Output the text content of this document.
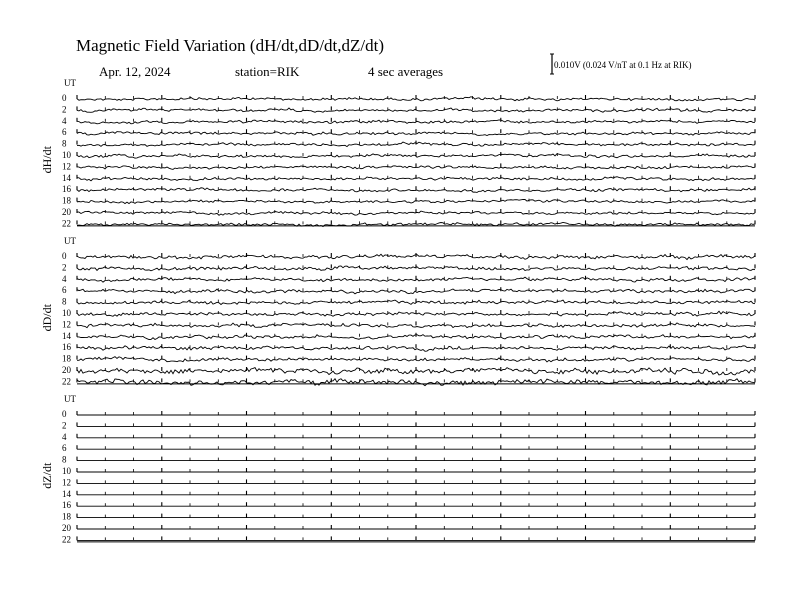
Magnetic Field Variation (dH/dt,dD/dt,dZ/dt)
Apr. 12, 2024	station=RIK	4 sec averages	0.010V (0.024 V/nT at 0.1 Hz at RIK)
UT
dH/dt
0
2
4
6
8
10
12
14
16
18
20
22
UT
dD/dt
0
2
4
6
8
10
12
14
16
18
20
22
UT
dZ/dt
0
2
4
6
8
10
12
14
16
18
20
22
